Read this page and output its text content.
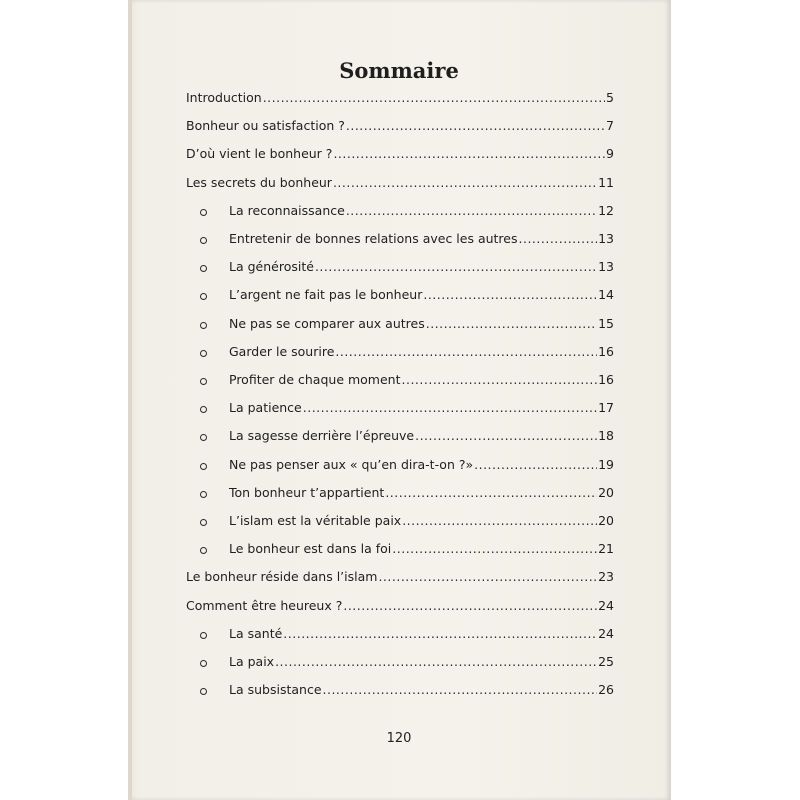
Sommaire
Introduction .....	5
Bonheur ou satisfaction ? .....	7
D’où vient le bonheur ? .....	9
Les secrets du bonheur .....	11
La reconnaissance .....	12
Entretenir de bonnes relations avec les autres .....	13
La générosité .....	13
L’argent ne fait pas le bonheur .....	14
Ne pas se comparer aux autres .....	15
Garder le sourire .....	16
Profiter de chaque moment .....	16
La patience .....	17
La sagesse derrière l’épreuve .....	18
Ne pas penser aux « qu’en dira-t-on ?» .....	19
Ton bonheur t’appartient .....	20
L’islam est la véritable paix .....	20
Le bonheur est dans la foi .....	21
Le bonheur réside dans l’islam .....	23
Comment être heureux ? .....	24
La santé .....	24
La paix .....	25
La subsistance .....	26
120
